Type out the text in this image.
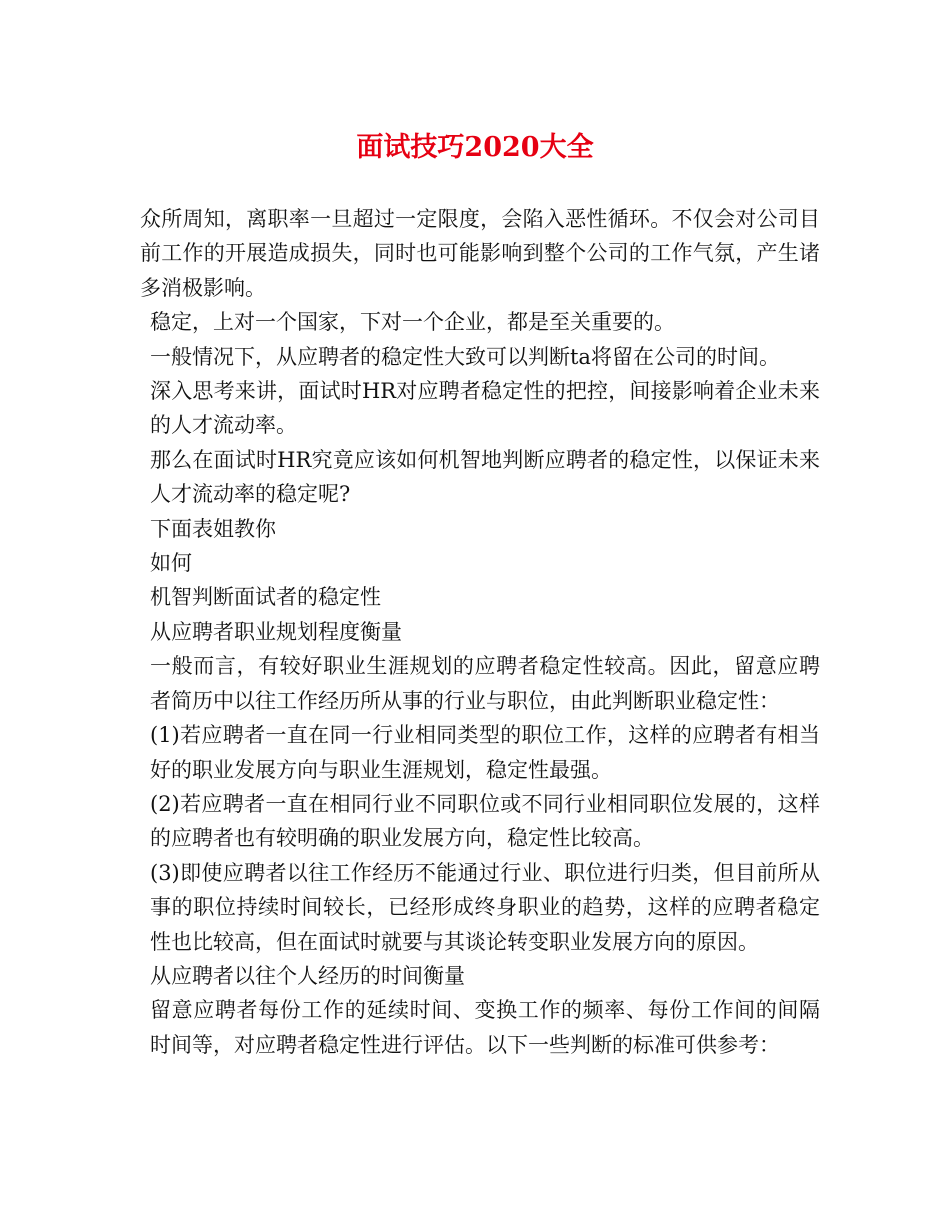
面试技巧2020大全

众所周知，离职率一旦超过一定限度，会陷入恶性循环。不仅会对公司目前工作的开展造成损失，同时也可能影响到整个公司的工作气氛，产生诸多消极影响。

稳定，上对一个国家，下对一个企业，都是至关重要的。

一般情况下，从应聘者的稳定性大致可以判断ta将留在公司的时间。

深入思考来讲，面试时HR对应聘者稳定性的把控，间接影响着企业未来的人才流动率。

那么在面试时HR究竟应该如何机智地判断应聘者的稳定性，以保证未来人才流动率的稳定呢?

下面表姐教你

如何

机智判断面试者的稳定性

从应聘者职业规划程度衡量

一般而言，有较好职业生涯规划的应聘者稳定性较高。因此，留意应聘者简历中以往工作经历所从事的行业与职位，由此判断职业稳定性：

(1)若应聘者一直在同一行业相同类型的职位工作，这样的应聘者有相当好的职业发展方向与职业生涯规划，稳定性最强。

(2)若应聘者一直在相同行业不同职位或不同行业相同职位发展的，这样的应聘者也有较明确的职业发展方向，稳定性比较高。

(3)即使应聘者以往工作经历不能通过行业、职位进行归类，但目前所从事的职位持续时间较长，已经形成终身职业的趋势，这样的应聘者稳定性也比较高，但在面试时就要与其谈论转变职业发展方向的原因。

从应聘者以往个人经历的时间衡量

留意应聘者每份工作的延续时间、变换工作的频率、每份工作间的间隔时间等，对应聘者稳定性进行评估。以下一些判断的标准可供参考：
